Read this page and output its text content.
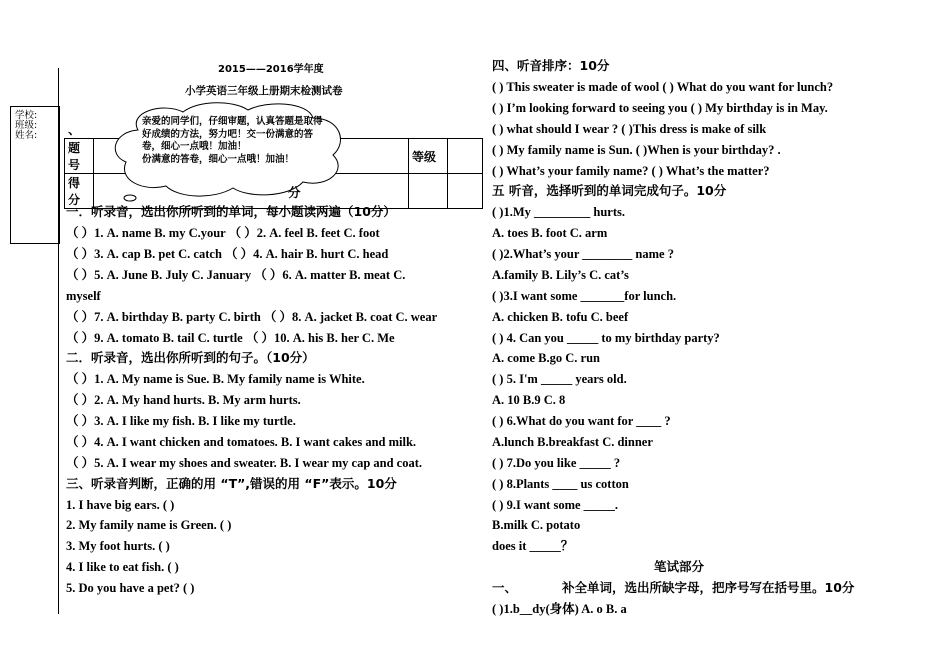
学校:
班级:
姓名:
2015——2016学年度
小学英语三年级上册期末检测试卷
、
题号		等级	
得分			
亲爱的同学们，仔细审题，认真答题是取得
好成绩的方法，努力吧！交一份满意的答
卷，细心一点哦！加油！
份满意的答卷，细心一点哦！加油！
分
一．听录音，选出你所听到的单词，每小题读两遍（10分）
（ ）1. A. name B. my C.your （ ）2. A. feel B. feet C. foot
（ ）3. A. cap B. pet C. catch （ ）4. A. hair B. hurt C. head
（ ）5. A. June B. July C. January （ ）6. A. matter B. meat C.
myself
（ ）7. A. birthday B. party C. birth （ ）8. A. jacket B. coat C. wear
（ ）9. A. tomato B. tail C. turtle （ ）10. A. his B. her C. Me
二．听录音，选出你所听到的句子。（10分）
（ ）1. A. My name is Sue. B. My family name is White.
（ ）2. A. My hand hurts. B. My arm hurts.
（ ）3. A. I like my fish. B. I like my turtle.
（ ）4. A. I want chicken and tomatoes. B. I want cakes and milk.
（ ）5. A. I wear my shoes and sweater. B. I wear my cap and coat.
三、听录音判断，正确的用 “T”,错误的用 “F”表示。10分
1. I have big ears. ( )
2. My family name is Green. ( )
3. My foot hurts. ( )
4. I like to eat fish. ( )
5. Do you have a pet? ( )
四、听音排序：10分
( ) This sweater is made of wool ( ) What do you want for lunch?
( ) I’m looking forward to seeing you ( ) My birthday is in May.
( ) what should I wear ? ( )This dress is make of silk
( ) My family name is Sun. ( )When is your birthday? .
( ) What’s your family name? ( ) What’s the matter?
五 听音，选择听到的单词完成句子。10分
( )1.My _________ hurts.
A. toes B. foot C. arm
( )2.What’s your ________ name ?
A.family B. Lily’s C. cat’s
( )3.I want some _______for lunch.
A. chicken B. tofu C. beef
( ) 4. Can you _____ to my birthday party?
A. come B.go C. run
( ) 5. I'm _____ years old.
A. 10 B.9 C. 8
( ) 6.What do you want for ____ ?
A.lunch B.breakfast C. dinner
( ) 7.Do you like _____ ?
( ) 8.Plants ____ us cotton
( ) 9.I want some _____.
B.milk C. potato
does it _____？
笔试部分
一、	补全单词，选出所缺字母，把序号写在括号里。10分
( )1.b__dy(身体) A. o B. a
